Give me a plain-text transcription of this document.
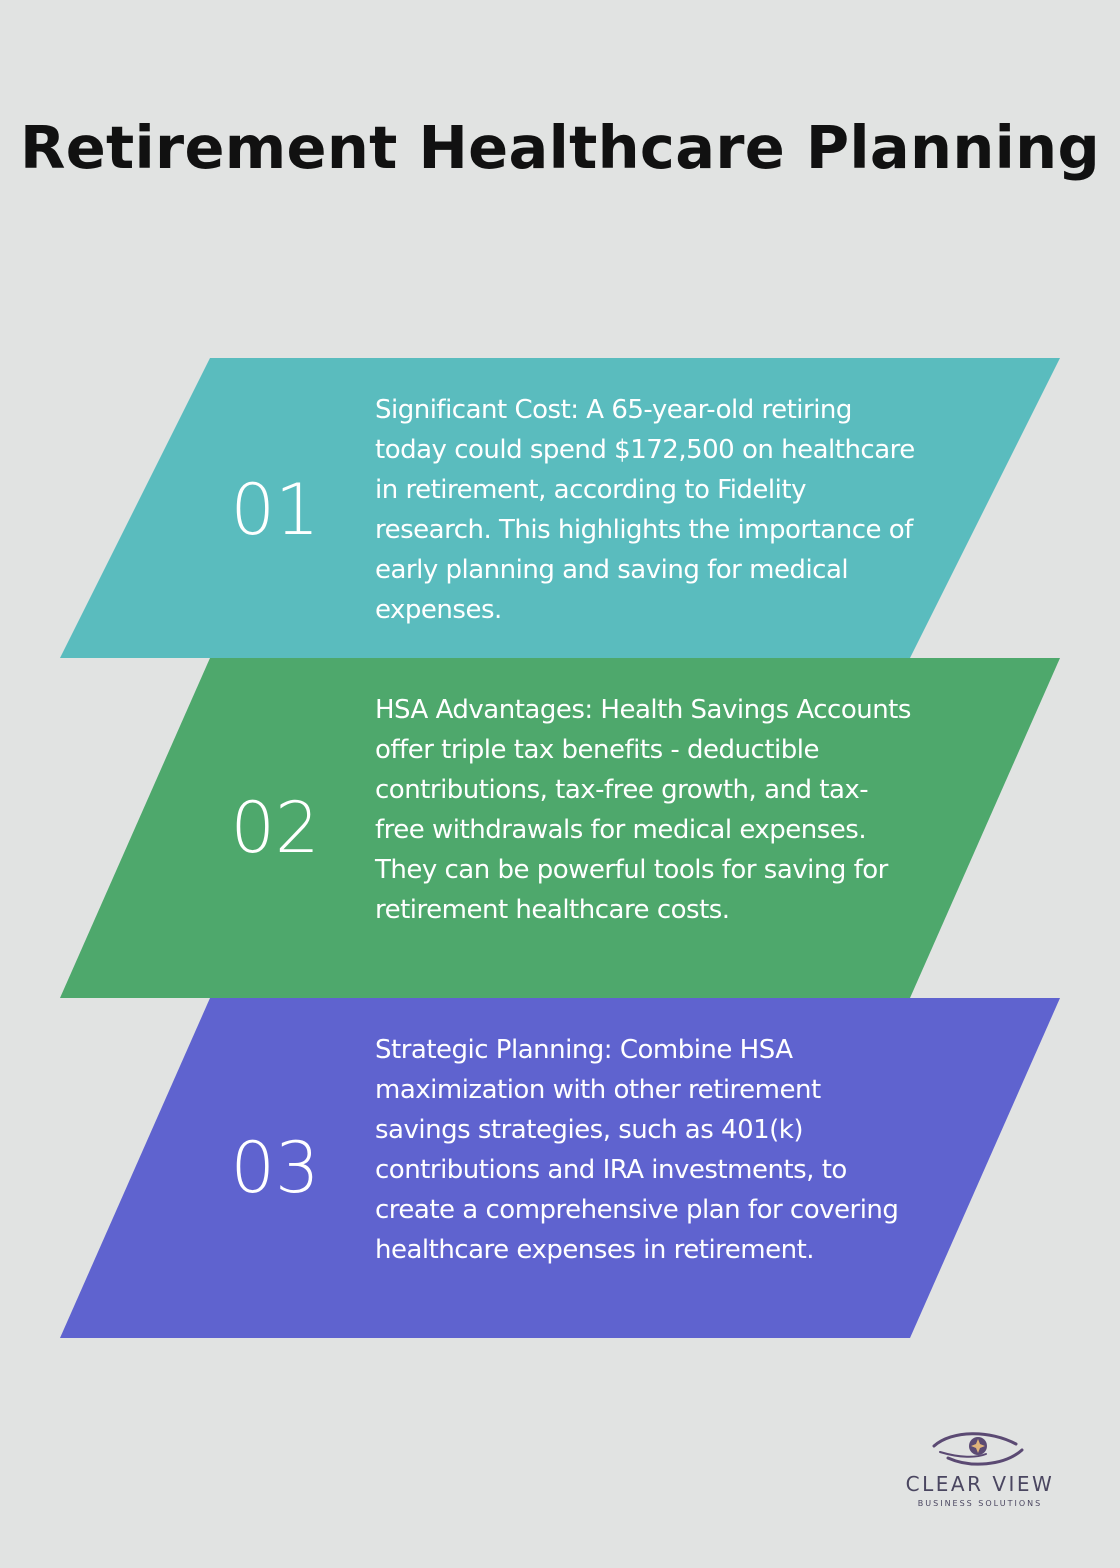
Retirement Healthcare Planning
01
Significant Cost: A 65-year-old retiring today could spend $172,500 on healthcare in retirement, according to Fidelity research. This highlights the importance of early planning and saving for medical expenses.
02
HSA Advantages: Health Savings Accounts offer triple tax benefits - deductible contributions, tax-free growth, and tax-free withdrawals for medical expenses. They can be powerful tools for saving for retirement healthcare costs.
03
Strategic Planning: Combine HSA maximization with other retirement savings strategies, such as 401(k) contributions and IRA investments, to create a comprehensive plan for covering healthcare expenses in retirement.
CLEAR VIEW
BUSINESS SOLUTIONS
